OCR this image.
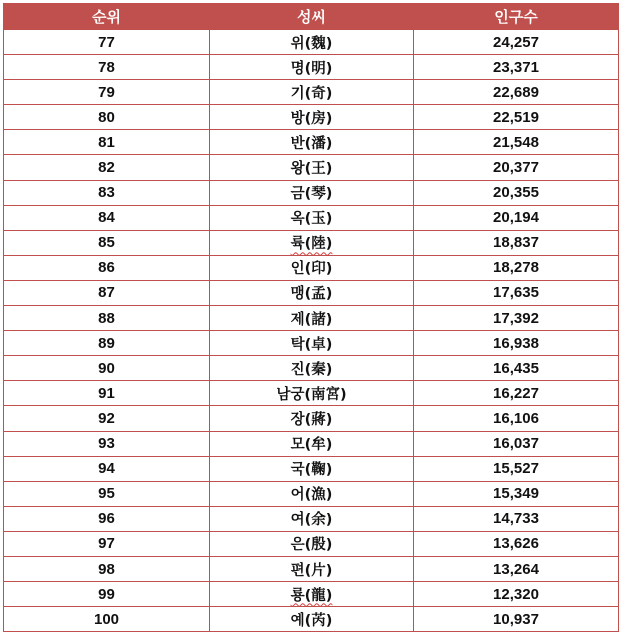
순위	성씨	인구수
77	위(魏)	24,257
78	명(明)	23,371
79	기(奇)	22,689
80	방(房)	22,519
81	반(潘)	21,548
82	왕(王)	20,377
83	금(琴)	20,355
84	옥(玉)	20,194
85	륙(陸)	18,837
86	인(印)	18,278
87	맹(孟)	17,635
88	제(諸)	17,392
89	탁(卓)	16,938
90	진(秦)	16,435
91	남궁(南宮)	16,227
92	장(蔣)	16,106
93	모(牟)	16,037
94	국(鞠)	15,527
95	어(漁)	15,349
96	여(余)	14,733
97	은(殷)	13,626
98	편(片)	13,264
99	룡(龍)	12,320
100	예(芮)	10,937
